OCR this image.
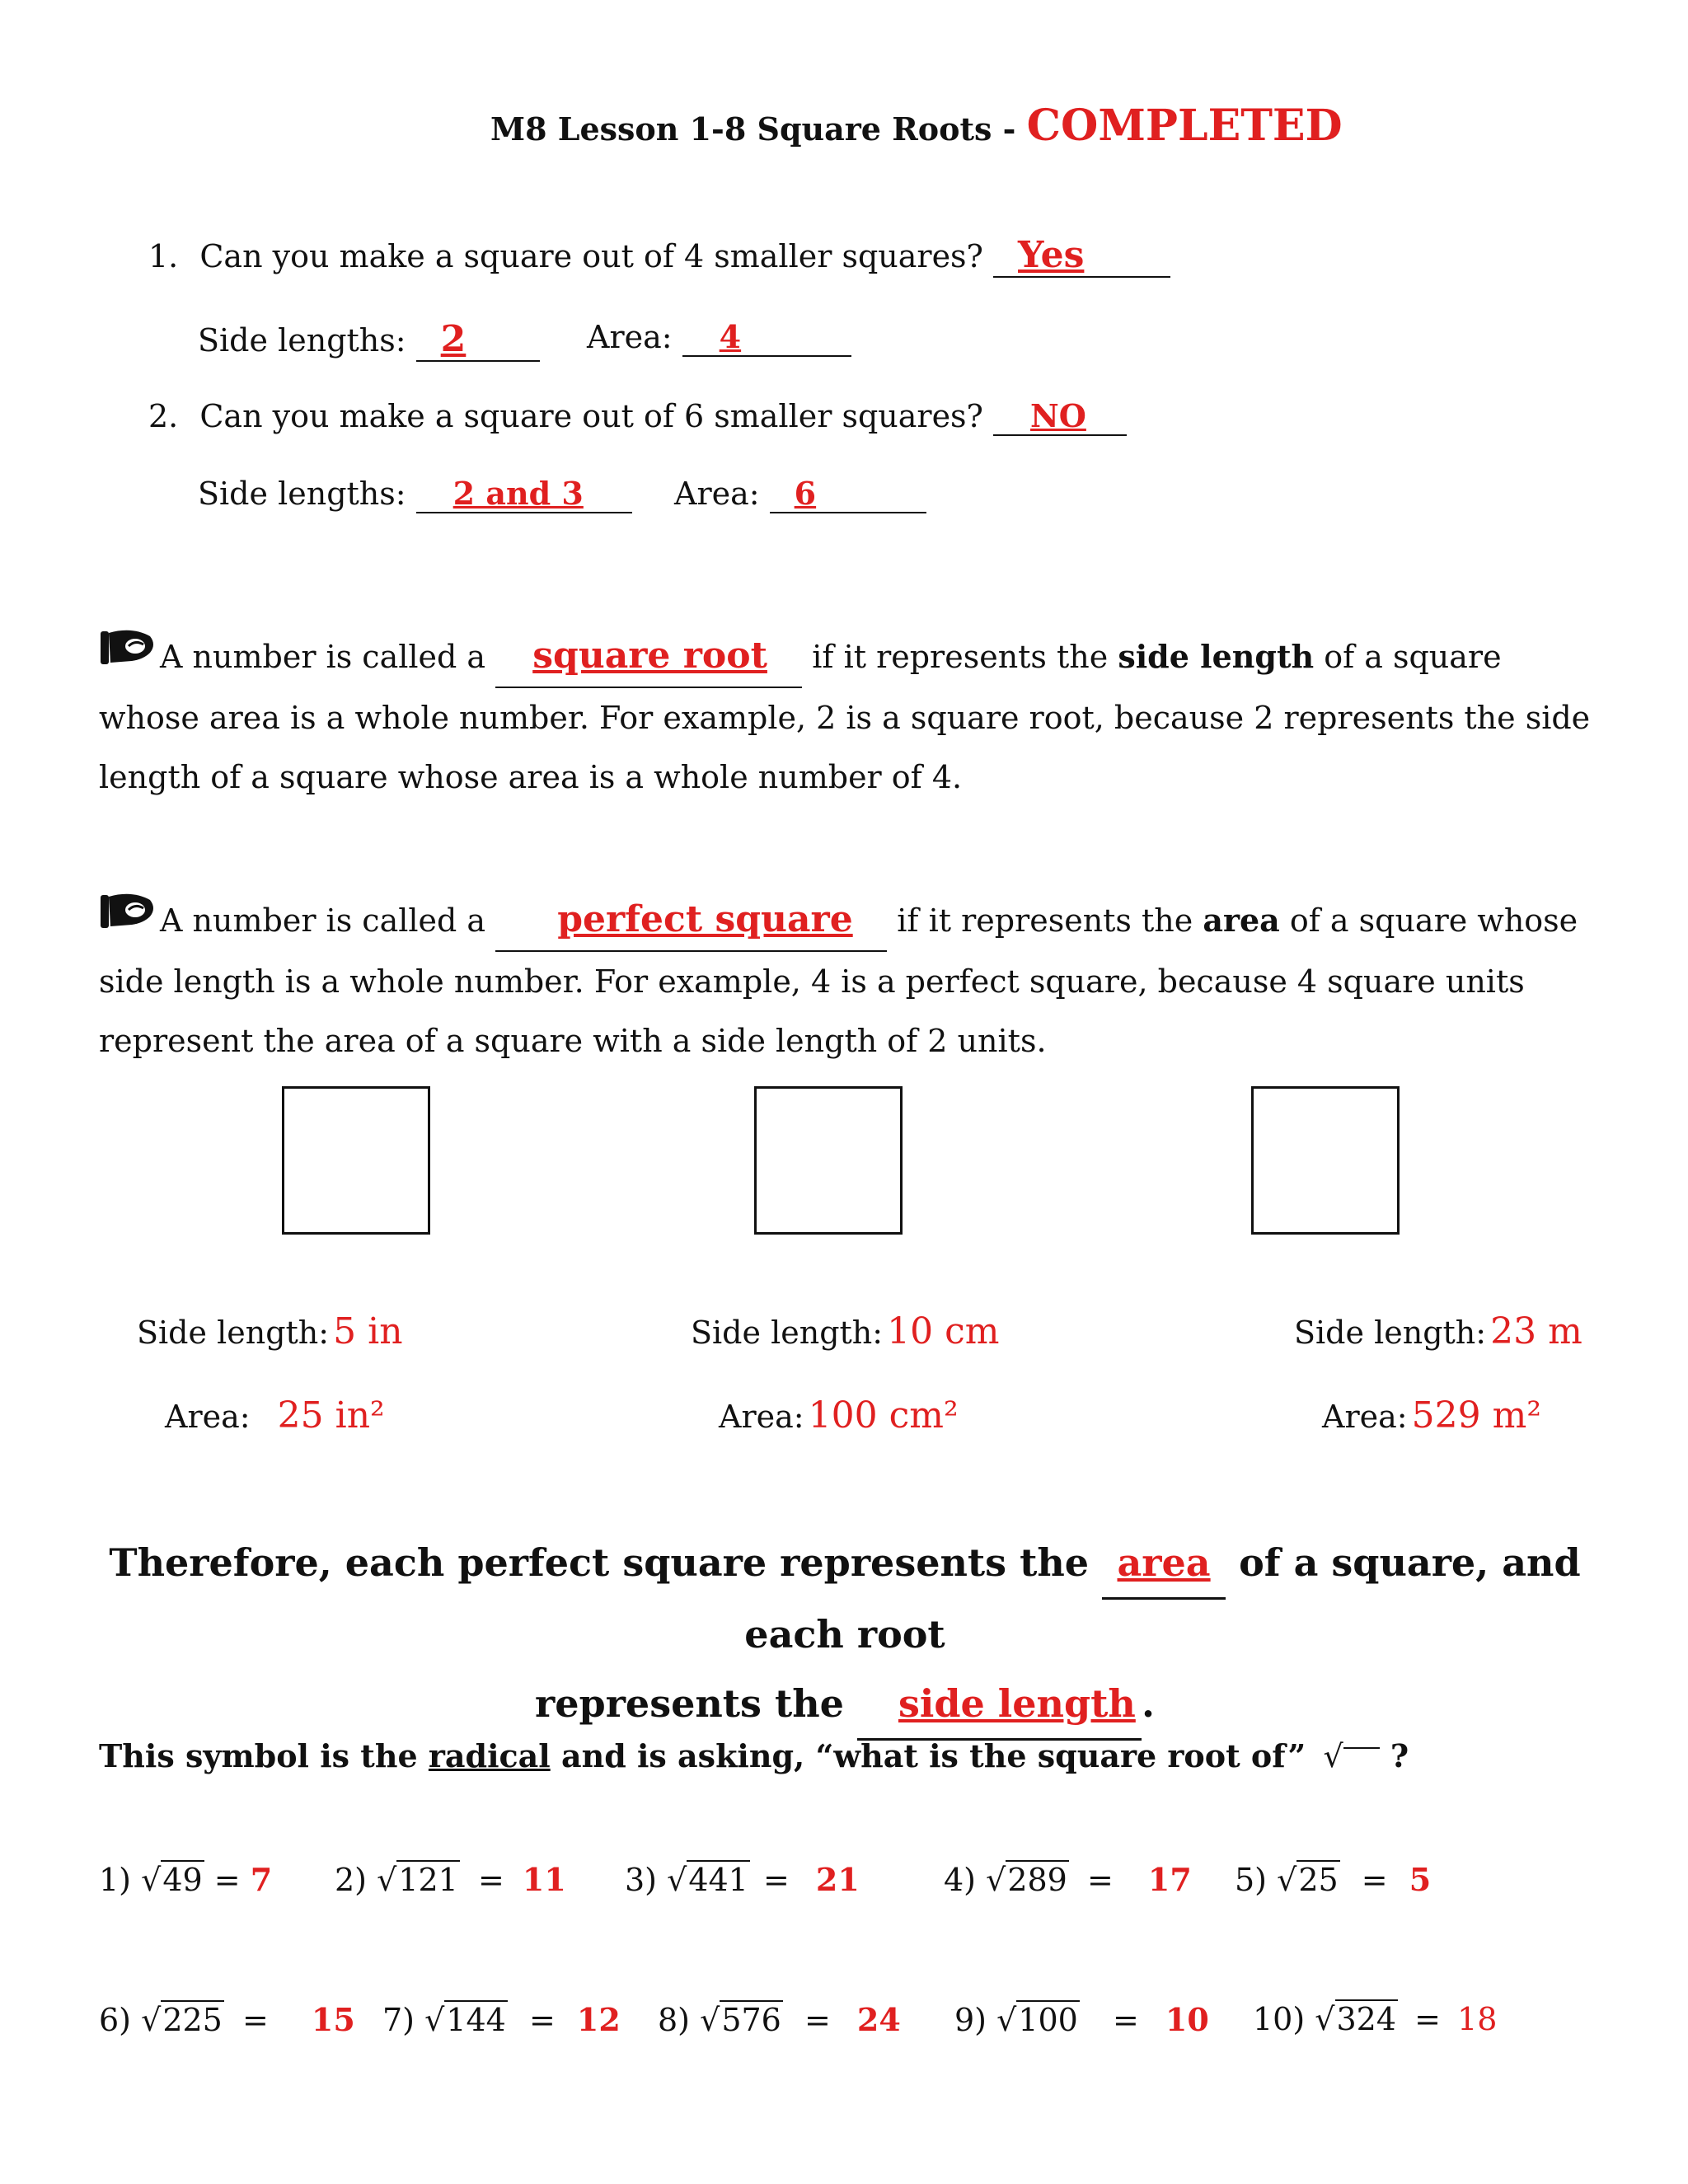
M8 Lesson 1-8 Square Roots - COMPLETED
1. Can you make a square out of 4 smaller squares? Yes
Side lengths: 2	Area: 4
2. Can you make a square out of 6 smaller squares? NO
Side lengths: 2 and 3	Area: 6
A number is called a square root if it represents the side length of a square whose area is a whole number. For example, 2 is a square root, because 2 represents the side length of a square whose area is a whole number of 4.
A number is called a perfect square if it represents the area of a square whose side length is a whole number. For example, 4 is a perfect square, because 4 square units represent the area of a square with a side length of 2 units.
Side length: 5 in
Area: 25 in²
Side length: 10 cm
Area: 100 cm²
Side length: 23 m
Area: 529 m²
Therefore, each perfect square represents the area of a square, and each root
represents the side length .
This symbol is the radical and is asking, “what is the square root of” √ ?
1) √49 = 7 2) √121 = 11 3) √441 = 21	4) √289 = 17 5) √25 = 5
6) √225 = 15 7) √144 = 12 8) √576 = 24 9) √100 = 10 10) √324 = 18
